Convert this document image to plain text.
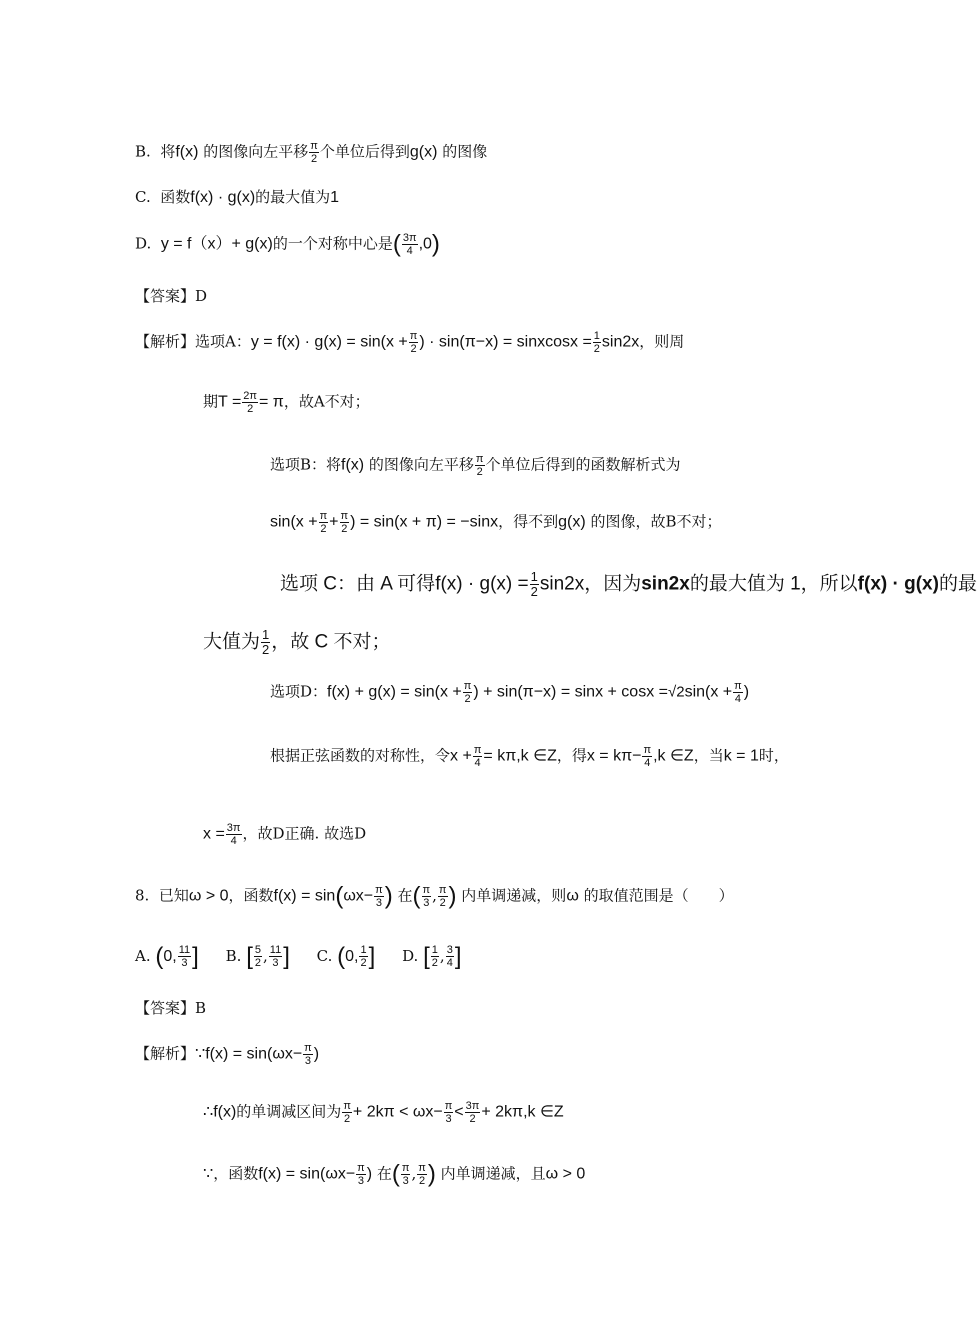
B. 将f(x) 的图像向左平移 $\frac{\pi}{2}$ 个单位后得到g(x) 的图像
C. 函数f(x) · g(x)的最大值为1
D. y = f（x）+ g(x)的一个对称中心是( $\frac{3\pi}{4} ,0$)
【答案】D
【解析】选项A：$y = f(x) \cdot g(x) = \sin(x + \frac{\pi}{2}$ ) · sin(π−x) = sinxcosx = $\frac{1}{2} \sin 2x$，则周
期$T = \frac{2\pi}{2} = \pi$，故A不对；
选项B：将f(x) 的图像向左平移 $\frac{\pi}{2}$ 个单位后得到的函数解析式为
$\sin(x + \frac{\pi}{2} + \frac{\pi}{2}$ ) = sin(x + π) = −sinx，得不到g(x) 的图像，故B不对；
选项 C：由 A 可得$f(x) \cdot g(x) = \frac{1}{2} \sin 2x$，因为sin2x的最大值为 1，所以f(x) · g(x)的最
大值为 $\frac{1}{2}$ ，故 C 不对；
选项D：$f(x) + g(x) = \sin(x + \frac{\pi}{2}$ ) + $\sin(\pi-x) = \sin x + \cos x =√2\sin(x + \frac{\pi}{4}$ )
根据正弦函数的对称性，令$x + \frac{\pi}{4} = k\pi,k$ ∈Z，得$x = k\pi- \frac{\pi}{4} ,k$ ∈Z，当k = 1时，
$x = \frac{3\pi}{4}$ ，故D正确. 故选D
8. 已知ω > 0，函数$f(x) = \sin(\omega x- \frac{\pi}{3}$ ) 在( $\frac{\pi}{3}$ , $\frac{\pi}{2}$ ) 内单调递减，则ω 的取值范围是（　　）
A. (0, $\frac{11}{3}$ ] B. [ $\frac{5}{2}$ , $\frac{11}{3}$ ] C. (0, $\frac{1}{2}$ ] D. [ $\frac{1}{2}$ , $\frac{3}{4}$ ]
【答案】B
【解析】∵f(x) = $\sin(\omega x- \frac{\pi}{3}$ )
∴f(x)的单调减区间为 $\frac{\pi}{2} + 2k\pi < \omega x- \frac{\pi}{3} < \frac{3\pi}{2} + 2k\pi,k$ ∈Z
∵，函数$f(x) = \sin(\omega x- \frac{\pi}{3}$ ) 在( $\frac{\pi}{3}$ , $\frac{\pi}{2}$ ) 内单调递减，且ω > 0
